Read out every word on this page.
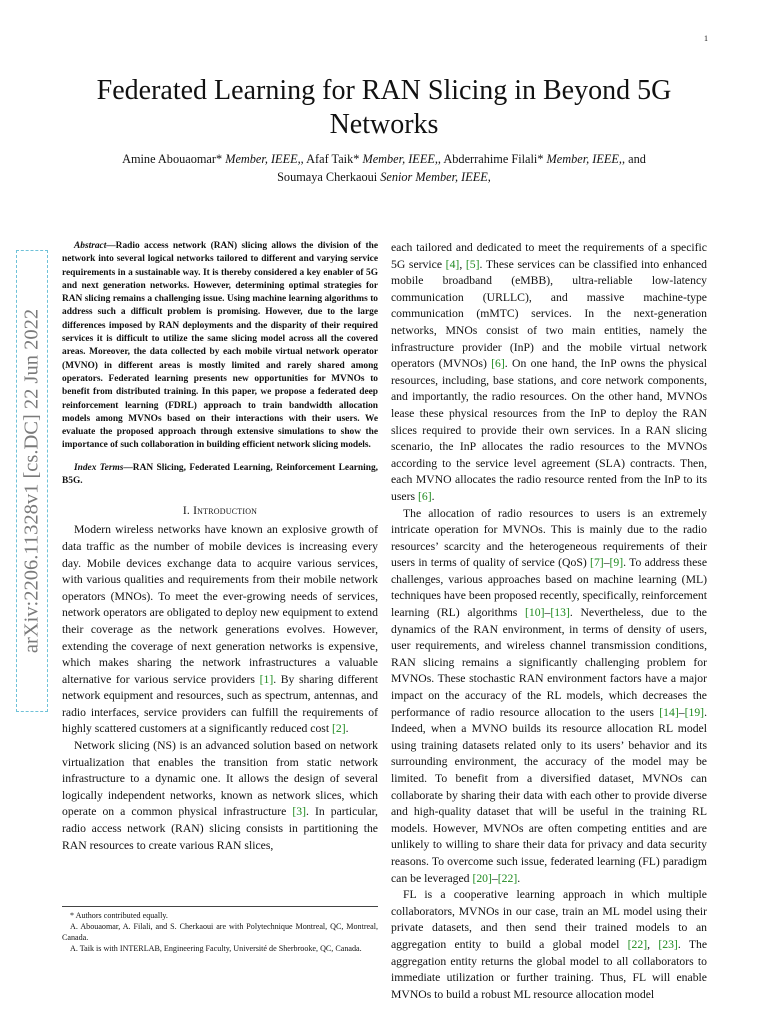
1
Federated Learning for RAN Slicing in Beyond 5G Networks
Amine Abouaomar* Member, IEEE,, Afaf Taik* Member, IEEE,, Abderrahime Filali* Member, IEEE,, and
Soumaya Cherkaoui Senior Member, IEEE,
arXiv:2206.11328v1 [cs.DC] 22 Jun 2022

Abstract—Radio access network (RAN) slicing allows the division of the network into several logical networks tailored to different and varying service requirements in a sustainable way. It is thereby considered a key enabler of 5G and next generation networks. However, determining optimal strategies for RAN slicing remains a challenging issue. Using machine learning algorithms to address such a difficult problem is promising. However, due to the large differences imposed by RAN deployments and the disparity of their required services it is difficult to utilize the same slicing model across all the covered areas. Moreover, the data collected by each mobile virtual network operator (MVNO) in different areas is mostly limited and rarely shared among operators. Federated learning presents new opportunities for MVNOs to benefit from distributed training. In this paper, we propose a federated deep reinforcement learning (FDRL) approach to train bandwidth allocation models among MVNOs based on their interactions with their users. We evaluate the proposed approach through extensive simulations to show the importance of such collaboration in building efficient network slicing models.

Index Terms—RAN Slicing, Federated Learning, Reinforcement Learning, B5G.

I. Introduction

Modern wireless networks have known an explosive growth of data traffic as the number of mobile devices is increasing every day. Mobile devices exchange data to acquire various services, with various qualities and requirements from their mobile network operators (MNOs). To meet the ever-growing needs of services, network operators are obligated to deploy new equipment to extend their coverage as the network generations evolves. However, extending the coverage of next generation networks is expensive, which makes sharing the network infrastructures a valuable alternative for various service providers [1]. By sharing different network equipment and resources, such as spectrum, antennas, and radio interfaces, service providers can fulfill the requirements of highly scattered customers at a significantly reduced cost [2].

Network slicing (NS) is an advanced solution based on network virtualization that enables the transition from static network infrastructure to a dynamic one. It allows the design of several logically independent networks, known as network slices, which operate on a common physical infrastructure [3]. In particular, radio access network (RAN) slicing consists in partitioning the RAN resources to create various RAN slices,

each tailored and dedicated to meet the requirements of a specific 5G service [4], [5]. These services can be classified into enhanced mobile broadband (eMBB), ultra-reliable low-latency communication (URLLC), and massive machine-type communication (mMTC) services. In the next-generation networks, MNOs consist of two main entities, namely the infrastructure provider (InP) and the mobile virtual network operators (MVNOs) [6]. On one hand, the InP owns the physical resources, including, base stations, and core network components, and importantly, the radio resources. On the other hand, MVNOs lease these physical resources from the InP to deploy the RAN slices required to provide their own services. In a RAN slicing scenario, the InP allocates the radio resources to the MVNOs according to the service level agreement (SLA) contracts. Then, each MVNO allocates the radio resource rented from the InP to its users [6].

The allocation of radio resources to users is an extremely intricate operation for MVNOs. This is mainly due to the radio resources’ scarcity and the heterogeneous requirements of their users in terms of quality of service (QoS) [7]–[9]. To address these challenges, various approaches based on machine learning (ML) techniques have been proposed recently, specifically, reinforcement learning (RL) algorithms [10]–[13]. Nevertheless, due to the dynamics of the RAN environment, in terms of density of users, user requirements, and wireless channel transmission conditions, RAN slicing remains a significantly challenging problem for MVNOs. These stochastic RAN environment factors have a major impact on the accuracy of the RL models, which decreases the performance of radio resource allocation to the users [14]–[19]. Indeed, when a MVNO builds its resource allocation RL model using training datasets related only to its users’ behavior and its surrounding environment, the accuracy of the model may be limited. To benefit from a diversified dataset, MVNOs can collaborate by sharing their data with each other to provide diverse and high-quality dataset that will be useful in the training RL models. However, MVNOs are often competing entities and are unlikely to willing to share their data for privacy and data security reasons. To overcome such issue, federated learning (FL) paradigm can be leveraged [20]–[22].

FL is a cooperative learning approach in which multiple collaborators, MVNOs in our case, train an ML model using their private datasets, and then send their trained models to an aggregation entity to build a global model [22], [23]. The aggregation entity returns the global model to all collaborators to immediate utilization or further training. Thus, FL will enable MVNOs to build a robust ML resource allocation model

* Authors contributed equally.

A. Abouaomar, A. Filali, and S. Cherkaoui are with Polytechnique Montreal, QC, Montreal, Canada.

A. Taik is with INTERLAB, Engineering Faculty, Université de Sherbrooke, QC, Canada.
